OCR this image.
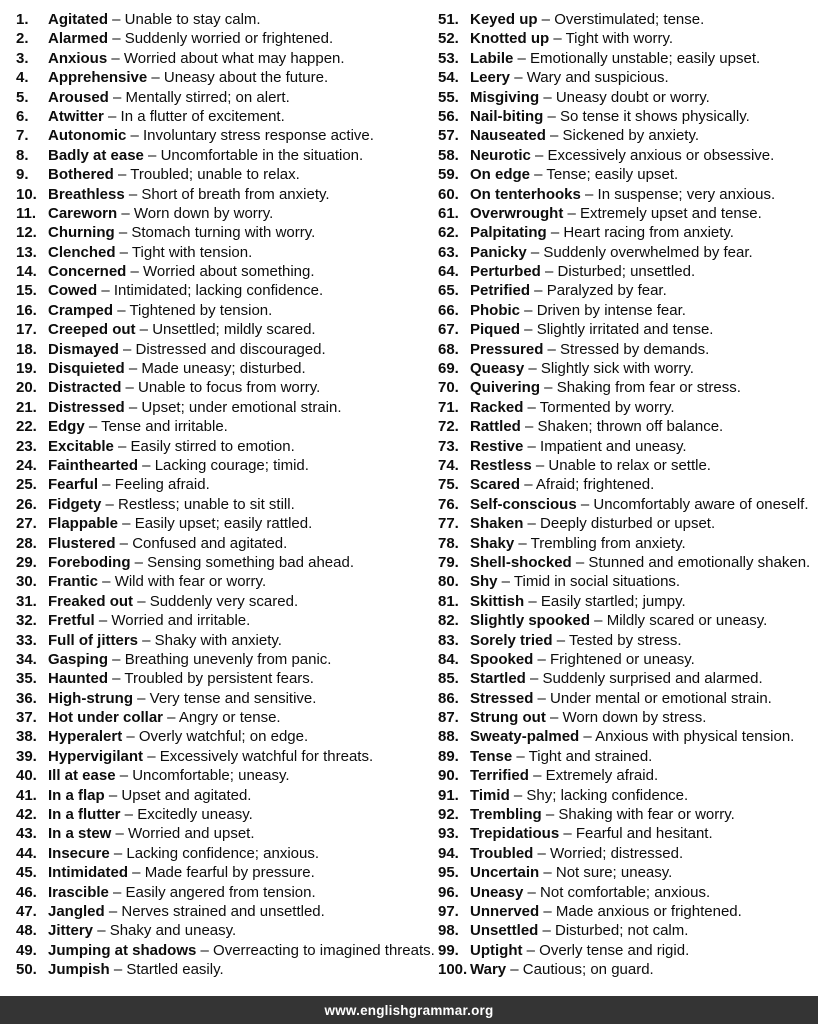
1. Agitated – Unable to stay calm.
2. Alarmed – Suddenly worried or frightened.
3. Anxious – Worried about what may happen.
4. Apprehensive – Uneasy about the future.
5. Aroused – Mentally stirred; on alert.
6. Atwitter – In a flutter of excitement.
7. Autonomic – Involuntary stress response active.
8. Badly at ease – Uncomfortable in the situation.
9. Bothered – Troubled; unable to relax.
10. Breathless – Short of breath from anxiety.
11. Careworn – Worn down by worry.
12. Churning – Stomach turning with worry.
13. Clenched – Tight with tension.
14. Concerned – Worried about something.
15. Cowed – Intimidated; lacking confidence.
16. Cramped – Tightened by tension.
17. Creeped out – Unsettled; mildly scared.
18. Dismayed – Distressed and discouraged.
19. Disquieted – Made uneasy; disturbed.
20. Distracted – Unable to focus from worry.
21. Distressed – Upset; under emotional strain.
22. Edgy – Tense and irritable.
23. Excitable – Easily stirred to emotion.
24. Fainthearted – Lacking courage; timid.
25. Fearful – Feeling afraid.
26. Fidgety – Restless; unable to sit still.
27. Flappable – Easily upset; easily rattled.
28. Flustered – Confused and agitated.
29. Foreboding – Sensing something bad ahead.
30. Frantic – Wild with fear or worry.
31. Freaked out – Suddenly very scared.
32. Fretful – Worried and irritable.
33. Full of jitters – Shaky with anxiety.
34. Gasping – Breathing unevenly from panic.
35. Haunted – Troubled by persistent fears.
36. High-strung – Very tense and sensitive.
37. Hot under collar – Angry or tense.
38. Hyperalert – Overly watchful; on edge.
39. Hypervigilant – Excessively watchful for threats.
40. Ill at ease – Uncomfortable; uneasy.
41. In a flap – Upset and agitated.
42. In a flutter – Excitedly uneasy.
43. In a stew – Worried and upset.
44. Insecure – Lacking confidence; anxious.
45. Intimidated – Made fearful by pressure.
46. Irascible – Easily angered from tension.
47. Jangled – Nerves strained and unsettled.
48. Jittery – Shaky and uneasy.
49. Jumping at shadows – Overreacting to imagined threats.
50. Jumpish – Startled easily.
51. Keyed up – Overstimulated; tense.
52. Knotted up – Tight with worry.
53. Labile – Emotionally unstable; easily upset.
54. Leery – Wary and suspicious.
55. Misgiving – Uneasy doubt or worry.
56. Nail-biting – So tense it shows physically.
57. Nauseated – Sickened by anxiety.
58. Neurotic – Excessively anxious or obsessive.
59. On edge – Tense; easily upset.
60. On tenterhooks – In suspense; very anxious.
61. Overwrought – Extremely upset and tense.
62. Palpitating – Heart racing from anxiety.
63. Panicky – Suddenly overwhelmed by fear.
64. Perturbed – Disturbed; unsettled.
65. Petrified – Paralyzed by fear.
66. Phobic – Driven by intense fear.
67. Piqued – Slightly irritated and tense.
68. Pressured – Stressed by demands.
69. Queasy – Slightly sick with worry.
70. Quivering – Shaking from fear or stress.
71. Racked – Tormented by worry.
72. Rattled – Shaken; thrown off balance.
73. Restive – Impatient and uneasy.
74. Restless – Unable to relax or settle.
75. Scared – Afraid; frightened.
76. Self-conscious – Uncomfortably aware of oneself.
77. Shaken – Deeply disturbed or upset.
78. Shaky – Trembling from anxiety.
79. Shell-shocked – Stunned and emotionally shaken.
80. Shy – Timid in social situations.
81. Skittish – Easily startled; jumpy.
82. Slightly spooked – Mildly scared or uneasy.
83. Sorely tried – Tested by stress.
84. Spooked – Frightened or uneasy.
85. Startled – Suddenly surprised and alarmed.
86. Stressed – Under mental or emotional strain.
87. Strung out – Worn down by stress.
88. Sweaty-palmed – Anxious with physical tension.
89. Tense – Tight and strained.
90. Terrified – Extremely afraid.
91. Timid – Shy; lacking confidence.
92. Trembling – Shaking with fear or worry.
93. Trepidatious – Fearful and hesitant.
94. Troubled – Worried; distressed.
95. Uncertain – Not sure; uneasy.
96. Uneasy – Not comfortable; anxious.
97. Unnerved – Made anxious or frightened.
98. Unsettled – Disturbed; not calm.
99. Uptight – Overly tense and rigid.
100. Wary – Cautious; on guard.
www.englishgrammar.org
